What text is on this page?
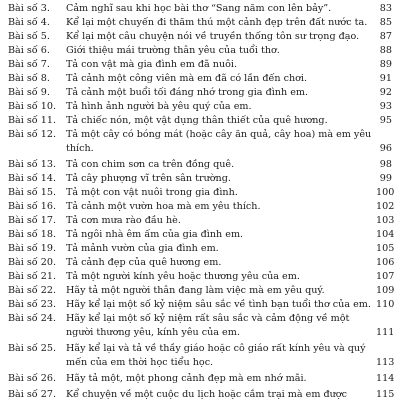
Bài số 3.	Cảm nghĩ sau khi học bài thơ “Sang năm con lên bảy”.	83
Bài số 4.	Kể lại một chuyến đi thăm thú một cảnh đẹp trên đất nước ta.	85
Bài số 5.	Kể lại một câu chuyện nói về truyền thống tôn sư trọng đạo.	87
Bài số 6.	Giới thiệu mái trường thân yêu của tuổi thơ.	88
Bài số 7.	Tả con vật mà gia đình em đã nuôi.	89
Bài số 8.	Tả cảnh một công viên mà em đã có lần đến chơi.	91
Bài số 9.	Tả cảnh một buổi tối đáng nhớ trong gia đình em.	92
Bài số 10.	Tả hình ảnh người bà yêu quý của em.	93
Bài số 11.	Tả chiếc nón, một vật dụng thân thiết của quê hương.	95
Bài số 12.	Tả một cây có bóng mát (hoặc cây ăn quả, cây hoa) mà em yêu thích.	96
Bài số 13.	Tả con chim sơn ca trên đồng quê.	98
Bài số 14.	Tả cây phượng vĩ trên sân trường.	99
Bài số 15.	Tả một con vật nuôi trong gia đình.	100
Bài số 16.	Tả cảnh một vườn hoa mà em yêu thích.	102
Bài số 17.	Tả cơn mưa rào đầu hè.	103
Bài số 18.	Tả ngôi nhà êm ấm của gia đình em.	104
Bài số 19.	Tả mảnh vườn của gia đình em.	105
Bài số 20.	Tả cảnh đẹp của quê hương em.	106
Bài số 21.	Tả một người kính yêu hoặc thương yêu của em.	107
Bài số 22.	Hãy tả một người thân đang làm việc mà em yêu quý.	109
Bài số 23.	Hãy kể lại một số kỷ niệm sâu sắc về tình bạn tuổi thơ của em. 110
Bài số 24.	Hãy kể lại một số kỷ niệm rất sâu sắc và cảm động về một người thương yêu, kính yêu của em.	111
Bài số 25.	Hãy kể lại và tả về thầy giáo hoặc cô giáo rất kính yêu và quý mến của em thời học tiểu học.	113
Bài số 26.	Hãy tả một, một phong cảnh đẹp mà em nhớ mãi.	114
Bài số 27.	Kể chuyện về một cuộc du lịch hoặc cắm trại mà em được	115
